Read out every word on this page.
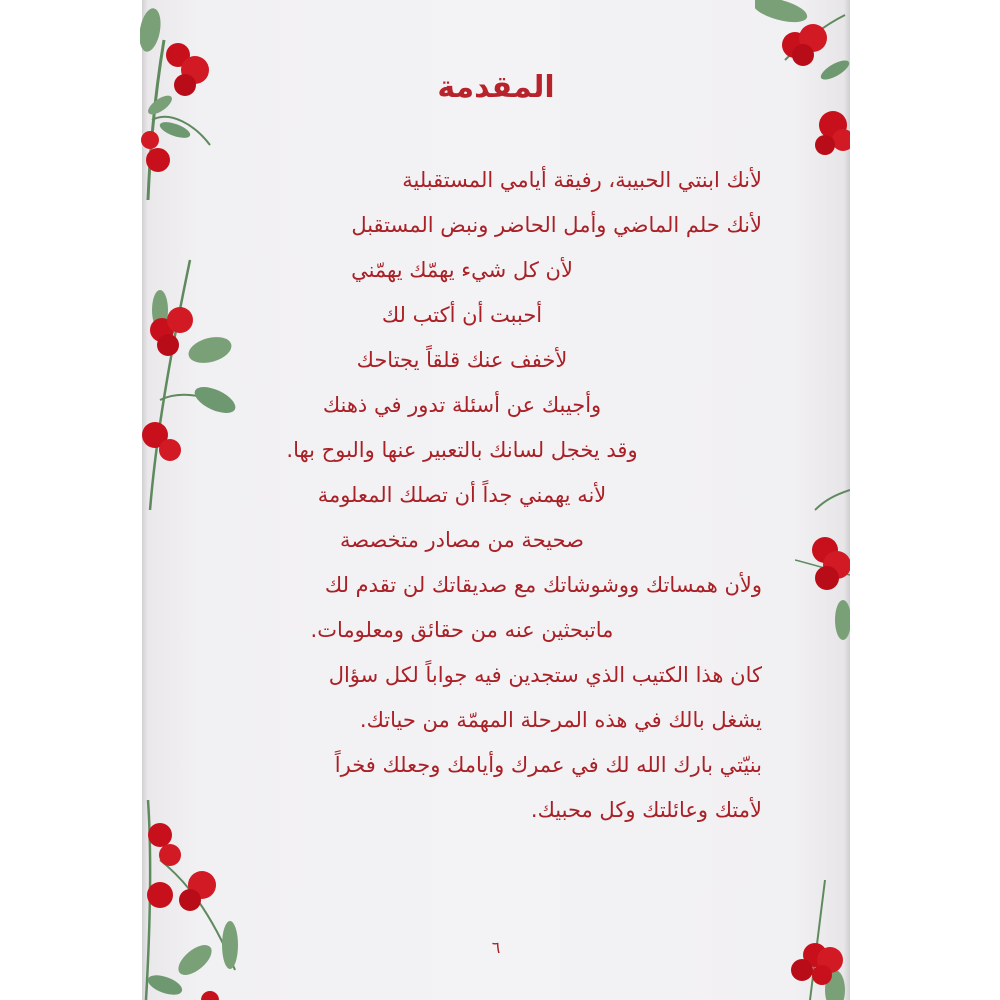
المقدمة
لأنك ابنتي الحبيبة، رفيقة أيامي المستقبلية
لأنك حلم الماضي وأمل الحاضر ونبض المستقبل
لأن كل شيء يهمّك يهمّني
أحببت أن أكتب لك
لأخفف عنك قلقاً يجتاحك
وأجيبك عن أسئلة تدور في ذهنك
وقد يخجل لسانك بالتعبير عنها والبوح بها.
لأنه يهمني جداً أن تصلك المعلومة
صحيحة من مصادر متخصصة
ولأن همساتك ووشوشاتك مع صديقاتك لن تقدم لك
ماتبحثين عنه من حقائق ومعلومات.
كان هذا الكتيب الذي ستجدين فيه جواباً لكل سؤال
يشغل بالك في هذه المرحلة المهمّة من حياتك.
بنيّتي بارك الله لك في عمرك وأيامك وجعلك فخراً
لأمتك وعائلتك وكل محبيك.
٦
